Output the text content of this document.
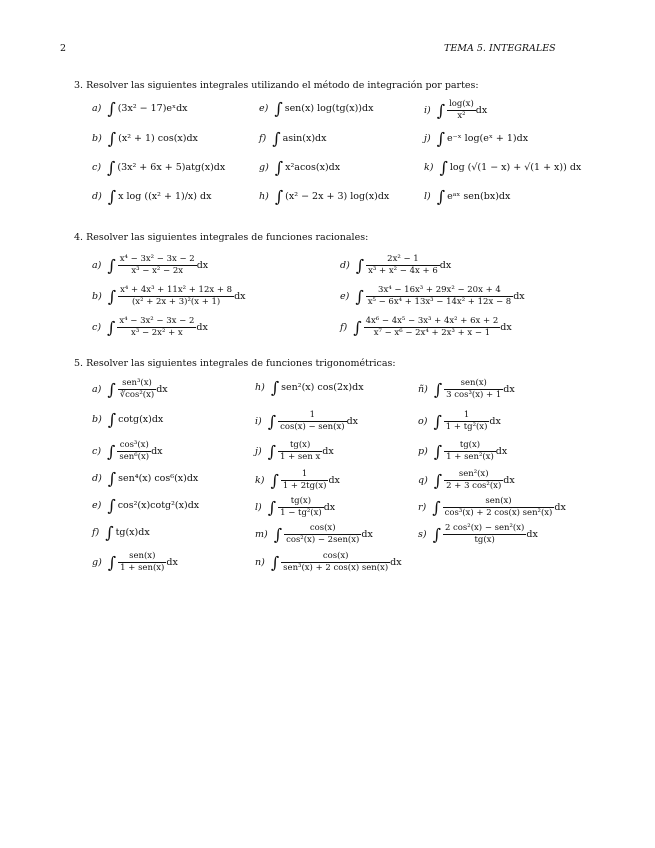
2	TEMA 5. INTEGRALES
3. Resolver las siguientes integrales utilizando el método de integración por partes:
4. Resolver las siguientes integrales de funciones racionales:
5. Resolver las siguientes integrales de funciones trigonométricas:
a) ∫ (3x² − 17)eˣdx
b) ∫ (x² + 1) cos(x)dx
c) ∫ (3x² + 6x + 5)atg(x)dx
d) ∫ x log ((x² + 1)/x) dx
e) ∫ sen(x) log(tg(x))dx
f) ∫ asin(x)dx
g) ∫ x²acos(x)dx
h) ∫ (x² − 2x + 3) log(x)dx
i) ∫ $\frac{\log(x)}{\text{x²}}$ dx
j) ∫ e⁻ˣ log(eˣ + 1)dx
k) ∫ log (√(1 − x) + √(1 + x)) dx
l) ∫ eᵃˣ sen(bx)dx
a) ∫ $\frac{\text{x⁴ − 3x² − 3x − 2}}{\text{x³ − x² − 2x}}$ dx
b) ∫ $\frac{\text{x⁴ + 4x³ + 11x² + 12x + 8}}{\text{(x² + 2x + 3)²(x + 1)}}$ dx
c) ∫ $\frac{\text{x⁴ − 3x² − 3x − 2}}{\text{x³ − 2x² + x}}$ dx
d) ∫ $\frac{\text{2x² − 1}}{\text{x³ + x² − 4x + 6}}$ dx
e) ∫ $\frac{\text{3x⁴ − 16x³ + 29x² − 20x + 4}}{\text{x⁵ − 6x⁴ + 13x³ − 14x² + 12x − 8}}$ dx
f) ∫ $\frac{\text{4x⁶ − 4x⁵ − 3x³ + 4x² + 6x + 2}}{\text{x⁷ − x⁶ − 2x⁴ + 2x³ + x − 1}}$ dx
a) ∫ $\frac{\text{sen³(x)}}{\text{∛cos²(x)}}$ dx
b) ∫ cotg(x)dx
c) ∫ $\frac{\text{cos³(x)}}{\text{sen⁶(x)}}$ dx
d) ∫ sen⁴(x) cos⁶(x)dx
e) ∫ cos²(x)cotg²(x)dx
f) ∫ tg(x)dx
g) ∫ $\frac{\text{sen(x)}}{\text{1 + sen(x)}}$ dx
h) ∫ sen²(x) cos(2x)dx
i) ∫ $\frac{1}{\text{cos(x) − sen(x)}}$ dx
j) ∫ $\frac{tg(x)}{\text{1 + sen x}}$ dx
k) ∫ $\frac{1}{1 + 2tg(x)}$ dx
l) ∫ $\frac{tg(x)}{\text{1 − tg²(x)}}$ dx
m) ∫ $\frac{\cos(x)}{\text{cos²(x) − 2sen(x)}}$ dx
n) ∫ $\frac{\cos(x)}{\text{sen³(x) + 2 cos(x) sen(x)}}$ dx
ñ) ∫ $\frac{\text{sen(x)}}{\text{3 cos³(x) + 1}}$ dx
o) ∫ $\frac{1}{\text{1 + tg²(x)}}$ dx
p) ∫ $\frac{tg(x)}{\text{1 + sen²(x)}}$ dx
q) ∫ $\frac{\text{sen²(x)}}{\text{2 + 3 cos²(x)}}$ dx
r) ∫ $\frac{\text{sen(x)}}{\text{cos³(x) + 2 cos(x) sen²(x)}}$ dx
s) ∫ $\frac{\text{2 cos²(x) − sen²(x)}}{tg(x)}$ dx
